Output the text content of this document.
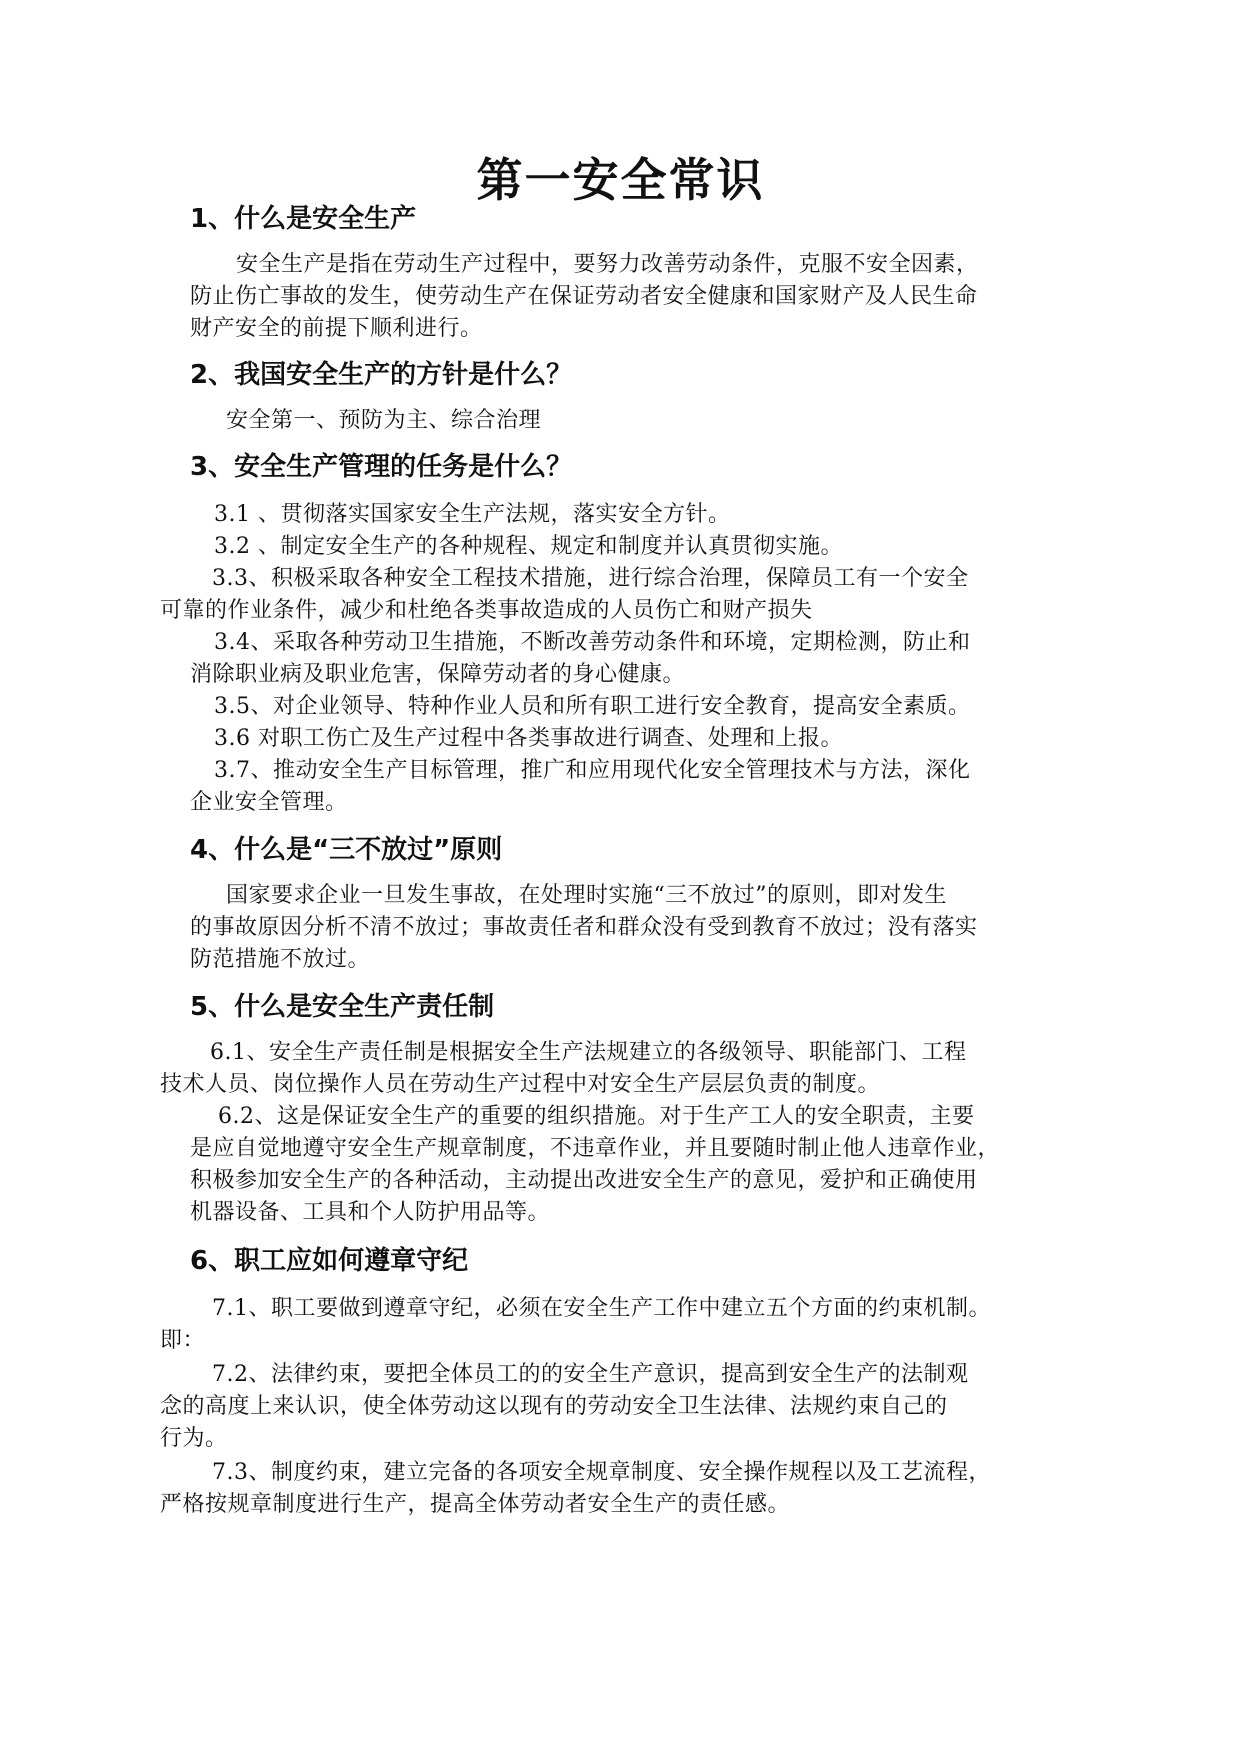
第一安全常识
1、什么是安全生产
安全生产是指在劳动生产过程中，要努力改善劳动条件，克服不安全因素，
防止伤亡事故的发生，使劳动生产在保证劳动者安全健康和国家财产及人民生命
财产安全的前提下顺利进行。
2、我国安全生产的方针是什么？
安全第一、预防为主、综合治理
3、安全生产管理的任务是什么？
3.1 、贯彻落实国家安全生产法规，落实安全方针。
3.2 、制定安全生产的各种规程、规定和制度并认真贯彻实施。
3.3、积极采取各种安全工程技术措施，进行综合治理，保障员工有一个安全
可靠的作业条件，减少和杜绝各类事故造成的人员伤亡和财产损失
3.4、采取各种劳动卫生措施，不断改善劳动条件和环境，定期检测，防止和
消除职业病及职业危害，保障劳动者的身心健康。
3.5、对企业领导、特种作业人员和所有职工进行安全教育，提高安全素质。
3.6 对职工伤亡及生产过程中各类事故进行调查、处理和上报。
3.7、推动安全生产目标管理，推广和应用现代化安全管理技术与方法，深化
企业安全管理。
4、什么是“三不放过”原则
国家要求企业一旦发生事故，在处理时实施“三不放过”的原则，即对发生
的事故原因分析不清不放过；事故责任者和群众没有受到教育不放过；没有落实
防范措施不放过。
5、什么是安全生产责任制
6.1、安全生产责任制是根据安全生产法规建立的各级领导、职能部门、工程
技术人员、岗位操作人员在劳动生产过程中对安全生产层层负责的制度。
6.2、这是保证安全生产的重要的组织措施。对于生产工人的安全职责，主要
是应自觉地遵守安全生产规章制度，不违章作业，并且要随时制止他人违章作业，
积极参加安全生产的各种活动，主动提出改进安全生产的意见，爱护和正确使用
机器设备、工具和个人防护用品等。
6、职工应如何遵章守纪
7.1、职工要做到遵章守纪，必须在安全生产工作中建立五个方面的约束机制。
即：
7.2、法律约束，要把全体员工的的安全生产意识，提高到安全生产的法制观
念的高度上来认识，使全体劳动这以现有的劳动安全卫生法律、法规约束自己的
行为。
7.3、制度约束，建立完备的各项安全规章制度、安全操作规程以及工艺流程，
严格按规章制度进行生产，提高全体劳动者安全生产的责任感。
